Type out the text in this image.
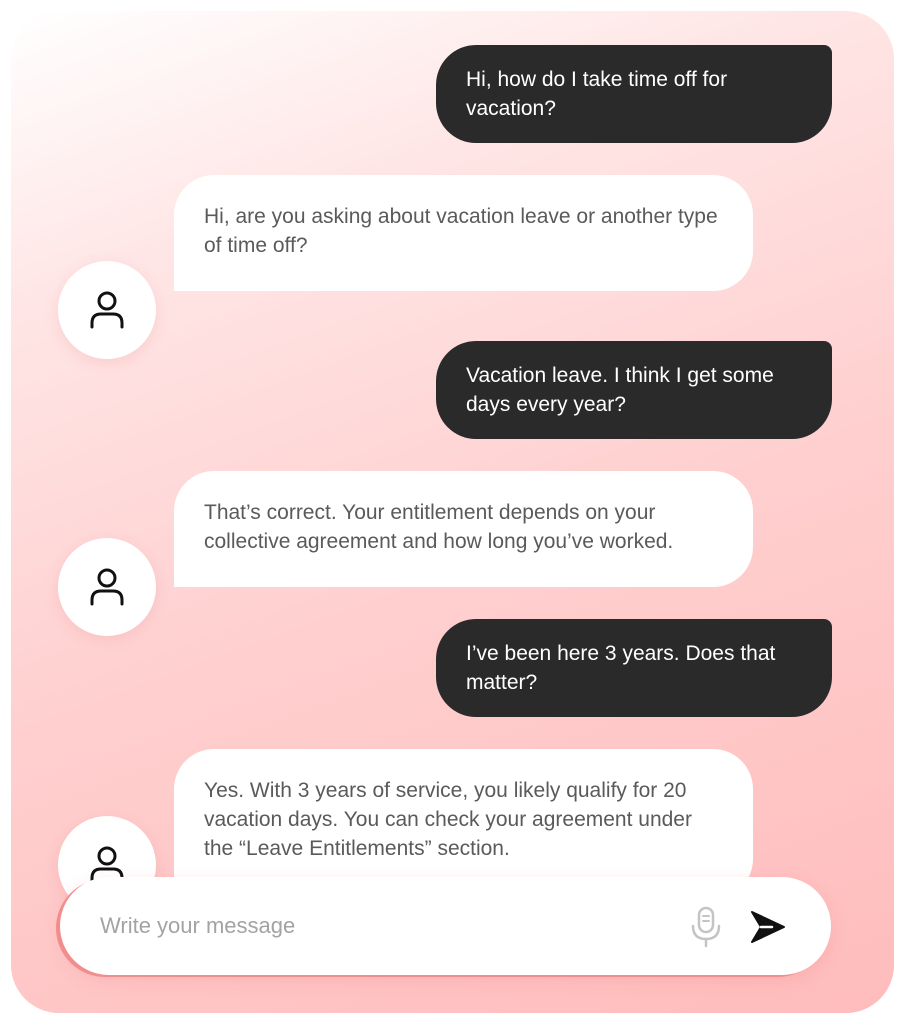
Hi, how do I take time off for vacation?
Hi, are you asking about vacation leave or another type of time off?
Vacation leave. I think I get some days every year?
That’s correct. Your entitlement depends on your collective agreement and how long you’ve worked.
I’ve been here 3 years. Does that matter?
Yes. With 3 years of service, you likely qualify for 20 vacation days. You can check your agreement under the “Leave Entitlements” section.
Write your message
